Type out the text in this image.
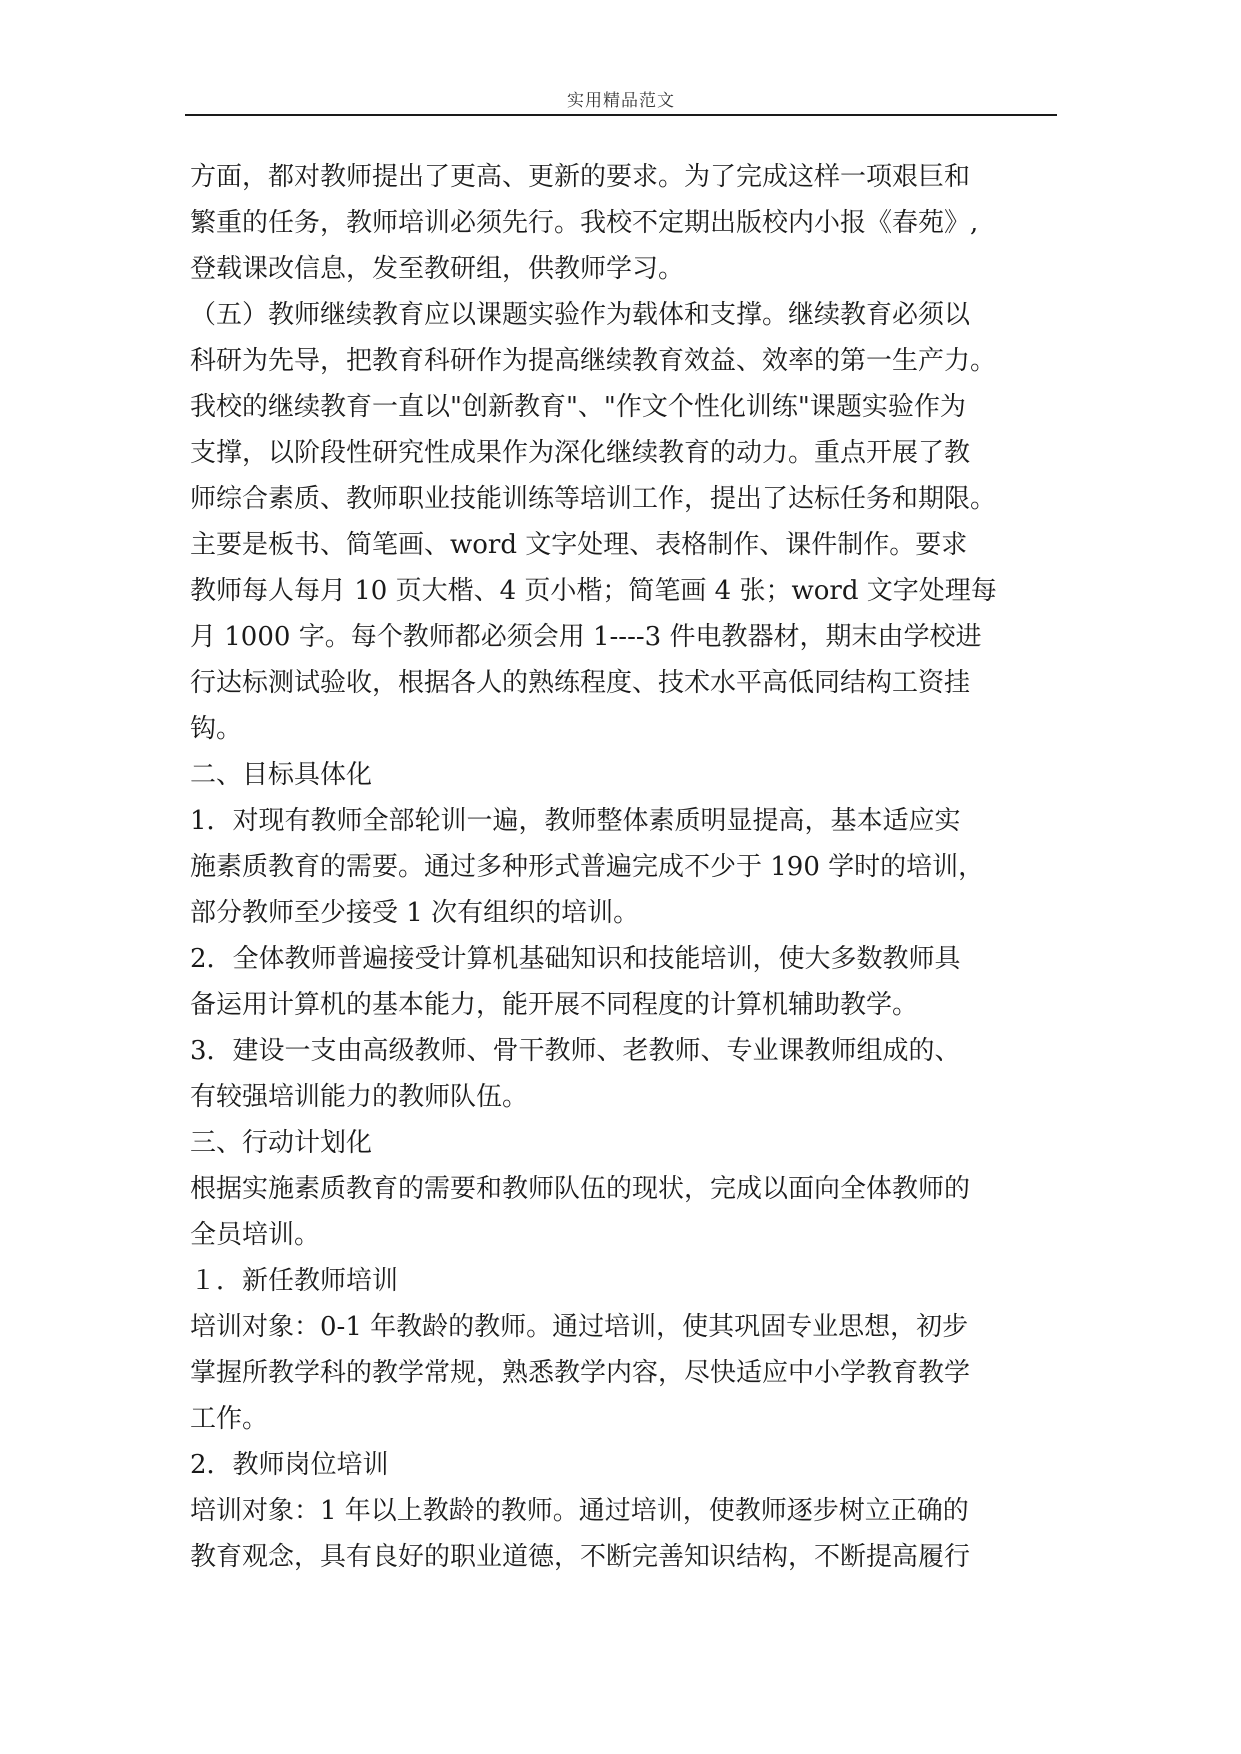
实用精品范文
方面，都对教师提出了更高、更新的要求。为了完成这样一项艰巨和
繁重的任务，教师培训必须先行。我校不定期出版校内小报《春苑》,
登载课改信息，发至教研组，供教师学习。
（五）教师继续教育应以课题实验作为载体和支撑。继续教育必须以
科研为先导，把教育科研作为提高继续教育效益、效率的第一生产力。
我校的继续教育一直以"创新教育"、"作文个性化训练"课题实验作为
支撑，以阶段性研究性成果作为深化继续教育的动力。重点开展了教
师综合素质、教师职业技能训练等培训工作，提出了达标任务和期限。
主要是板书、简笔画、word 文字处理、表格制作、课件制作。要求
教师每人每月 10 页大楷、4 页小楷；简笔画 4 张；word 文字处理每
月 1000 字。每个教师都必须会用 1----3 件电教器材，期末由学校进
行达标测试验收，根据各人的熟练程度、技术水平高低同结构工资挂
钩。
二、目标具体化
1．对现有教师全部轮训一遍，教师整体素质明显提高，基本适应实
施素质教育的需要。通过多种形式普遍完成不少于 190 学时的培训，
部分教师至少接受 1 次有组织的培训。
2．全体教师普遍接受计算机基础知识和技能培训，使大多数教师具
备运用计算机的基本能力，能开展不同程度的计算机辅助教学。
3．建设一支由高级教师、骨干教师、老教师、专业课教师组成的、
有较强培训能力的教师队伍。
三、行动计划化
根据实施素质教育的需要和教师队伍的现状，完成以面向全体教师的
全员培训。
１．新任教师培训
培训对象：0-1 年教龄的教师。通过培训，使其巩固专业思想，初步
掌握所教学科的教学常规，熟悉教学内容，尽快适应中小学教育教学
工作。
2．教师岗位培训
培训对象：1 年以上教龄的教师。通过培训，使教师逐步树立正确的
教育观念，具有良好的职业道德，不断完善知识结构，不断提高履行
